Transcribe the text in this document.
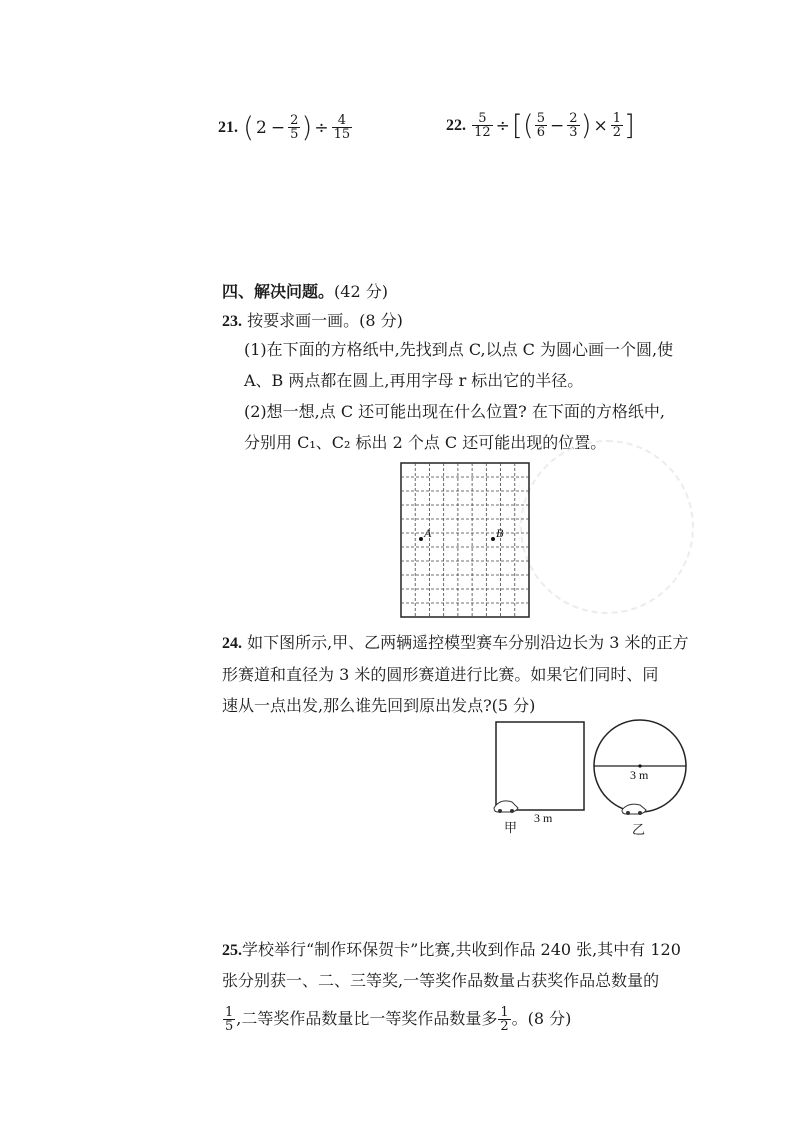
21. ( $2 - \frac{2}{5}$ ) ÷ $\frac{4}{15}$	22. $\frac{5}{12}$ ÷[( $\frac{5}{6} - \frac{2}{3}$ ) × $\frac{1}{2}$ ]
四、解决问题。(42 分)
23. 按要求画一画。(8 分)
(1)在下面的方格纸中,先找到点 C,以点 C 为圆心画一个圆,使
A、B 两点都在圆上,再用字母 r 标出它的半径。
(2)想一想,点 C 还可能出现在什么位置? 在下面的方格纸中,
分别用 C₁、C₂ 标出 2 个点 C 还可能出现的位置。
A	B
24. 如下图所示,甲、乙两辆遥控模型赛车分别沿边长为 3 米的正方
形赛道和直径为 3 米的圆形赛道进行比赛。如果它们同时、同
速从一点出发,那么谁先回到原出发点?(5 分)
3 m
甲
3 m
乙
25.学校举行“制作环保贺卡”比赛,共收到作品 240 张,其中有 120
张分别获一、二、三等奖,一等奖作品数量占获奖作品总数量的
$\frac{1}{5}$ ,二等奖作品数量比一等奖作品数量多 $\frac{1}{2}$ 。(8 分)
